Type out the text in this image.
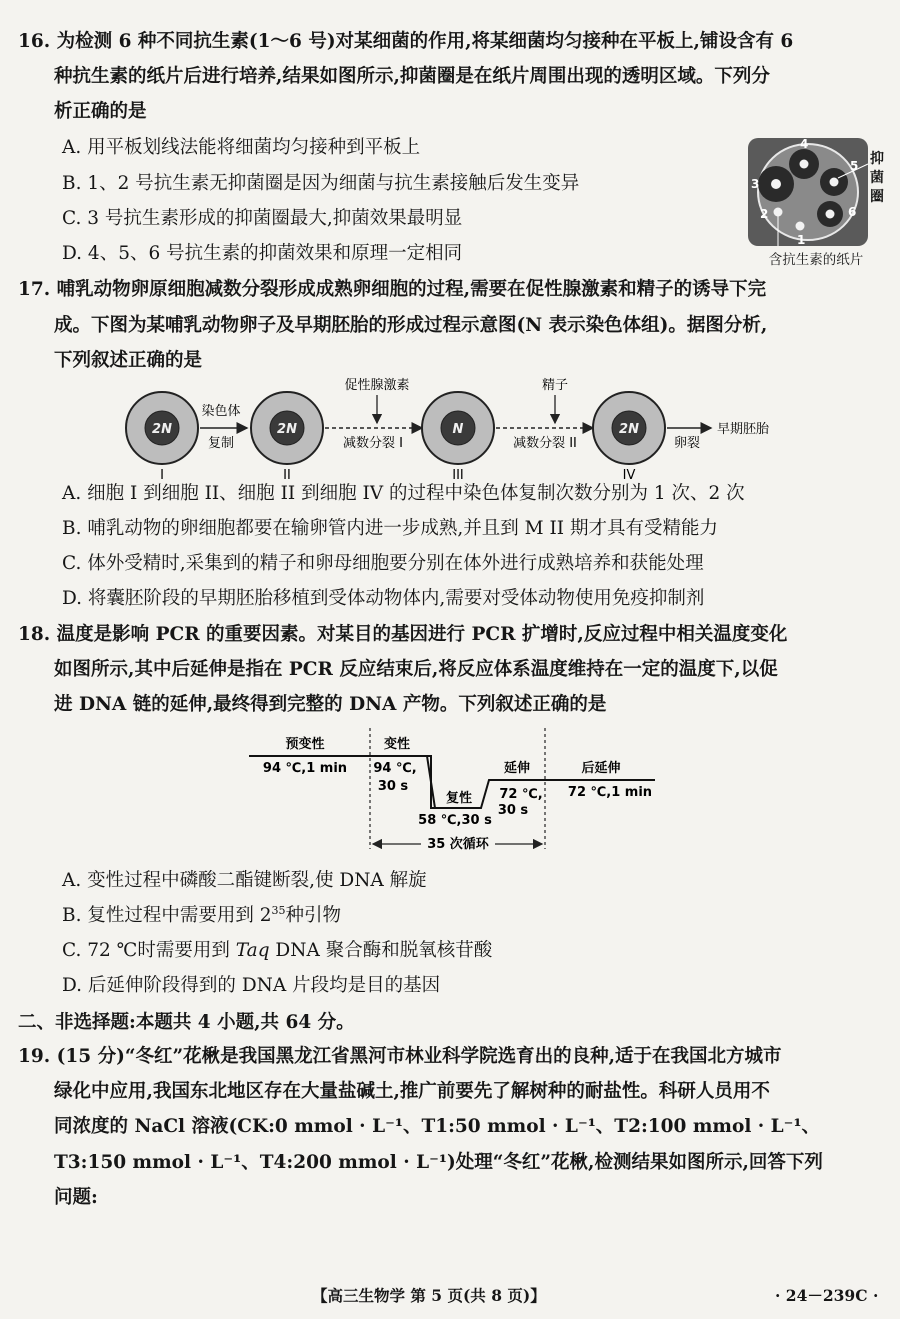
16. 为检测 6 种不同抗生素(1～6 号)对某细菌的作用,将某细菌均匀接种在平板上,铺设含有 6
种抗生素的纸片后进行培养,结果如图所示,抑菌圈是在纸片周围出现的透明区域。下列分
析正确的是
A. 用平板划线法能将细菌均匀接种到平板上
B. 1、2 号抗生素无抑菌圈是因为细菌与抗生素接触后发生变异
C. 3 号抗生素形成的抑菌圈最大,抑菌效果最明显
D. 4、5、6 号抗生素的抑菌效果和原理一定相同
4
3
5
6
2
1
抑
菌
圈
含抗生素的纸片
17. 哺乳动物卵原细胞减数分裂形成成熟卵细胞的过程,需要在促性腺激素和精子的诱导下完
成。下图为某哺乳动物卵子及早期胚胎的形成过程示意图(N 表示染色体组)。据图分析,
下列叙述正确的是
2N
I
染色体
复制
2N
II
促性腺激素
减数分裂 I
N
III
精子
减数分裂 II
2N
IV
卵裂
早期胚胎
A. 细胞 I 到细胞 II、细胞 II 到细胞 IV 的过程中染色体复制次数分别为 1 次、2 次
B. 哺乳动物的卵细胞都要在输卵管内进一步成熟,并且到 M II 期才具有受精能力
C. 体外受精时,采集到的精子和卵母细胞要分别在体外进行成熟培养和获能处理
D. 将囊胚阶段的早期胚胎移植到受体动物体内,需要对受体动物使用免疫抑制剂
18. 温度是影响 PCR 的重要因素。对某目的基因进行 PCR 扩增时,反应过程中相关温度变化
如图所示,其中后延伸是指在 PCR 反应结束后,将反应体系温度维持在一定的温度下,以促
进 DNA 链的延伸,最终得到完整的 DNA 产物。下列叙述正确的是
预变性
94 ℃,1 min
变性
94 ℃,
30 s
复性
58 ℃,30 s
延伸
72 ℃,
30 s
后延伸
72 ℃,1 min
35 次循环
A. 变性过程中磷酸二酯键断裂,使 DNA 解旋
B. 复性过程中需要用到 $2^{35}$种引物
C. 72 ℃时需要用到 Taq DNA 聚合酶和脱氧核苷酸
D. 后延伸阶段得到的 DNA 片段均是目的基因
二、非选择题:本题共 4 小题,共 64 分。
19. (15 分)“冬红”花楸是我国黑龙江省黑河市林业科学院选育出的良种,适于在我国北方城市
绿化中应用,我国东北地区存在大量盐碱土,推广前要先了解树种的耐盐性。科研人员用不
同浓度的 NaCl 溶液(CK:0 mmol · L⁻¹、T1:50 mmol · L⁻¹、T2:100 mmol · L⁻¹、
T3:150 mmol · L⁻¹、T4:200 mmol · L⁻¹)处理“冬红”花楸,检测结果如图所示,回答下列
问题:
【高三生物学 第 5 页(共 8 页)】	· 24－239C ·
